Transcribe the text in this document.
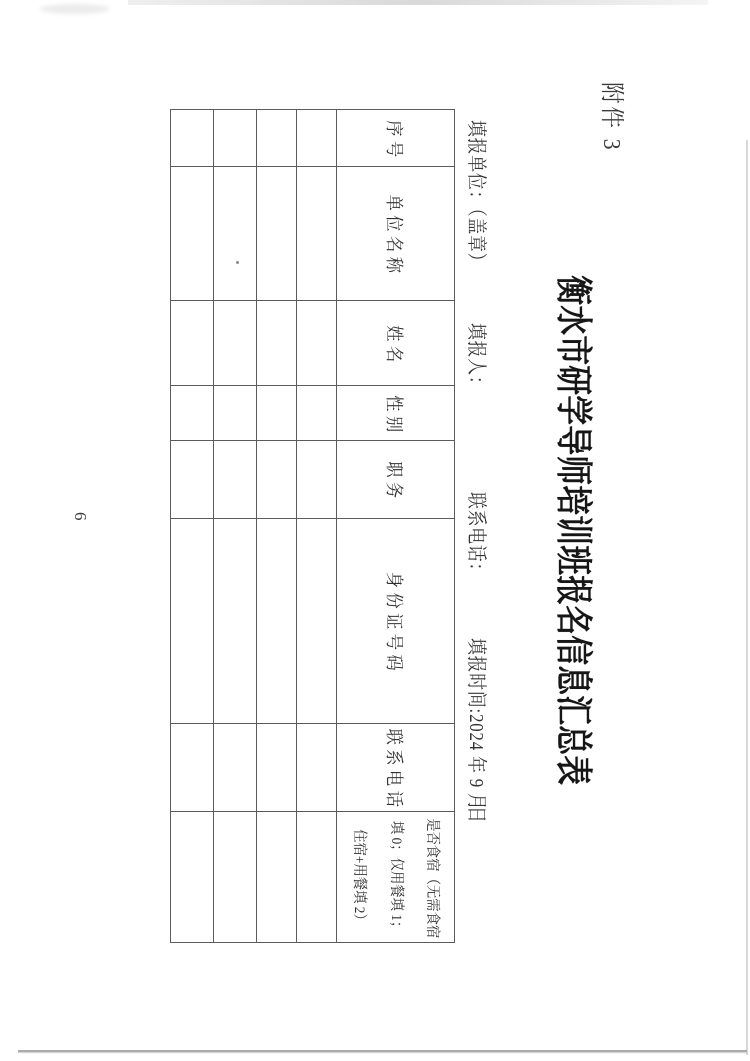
附件 3
衡水市研学导师培训班报名信息汇总表
填报单位：（盖章）
填报人：
联系电话：
填报时间:2024 年 9 月
日
序号
单位名称
姓名
性别
职务
身份证号码
联系电话
是否食宿（无需食宿
填 0；仅用餐填 1；
住宿+用餐填 2）
6
